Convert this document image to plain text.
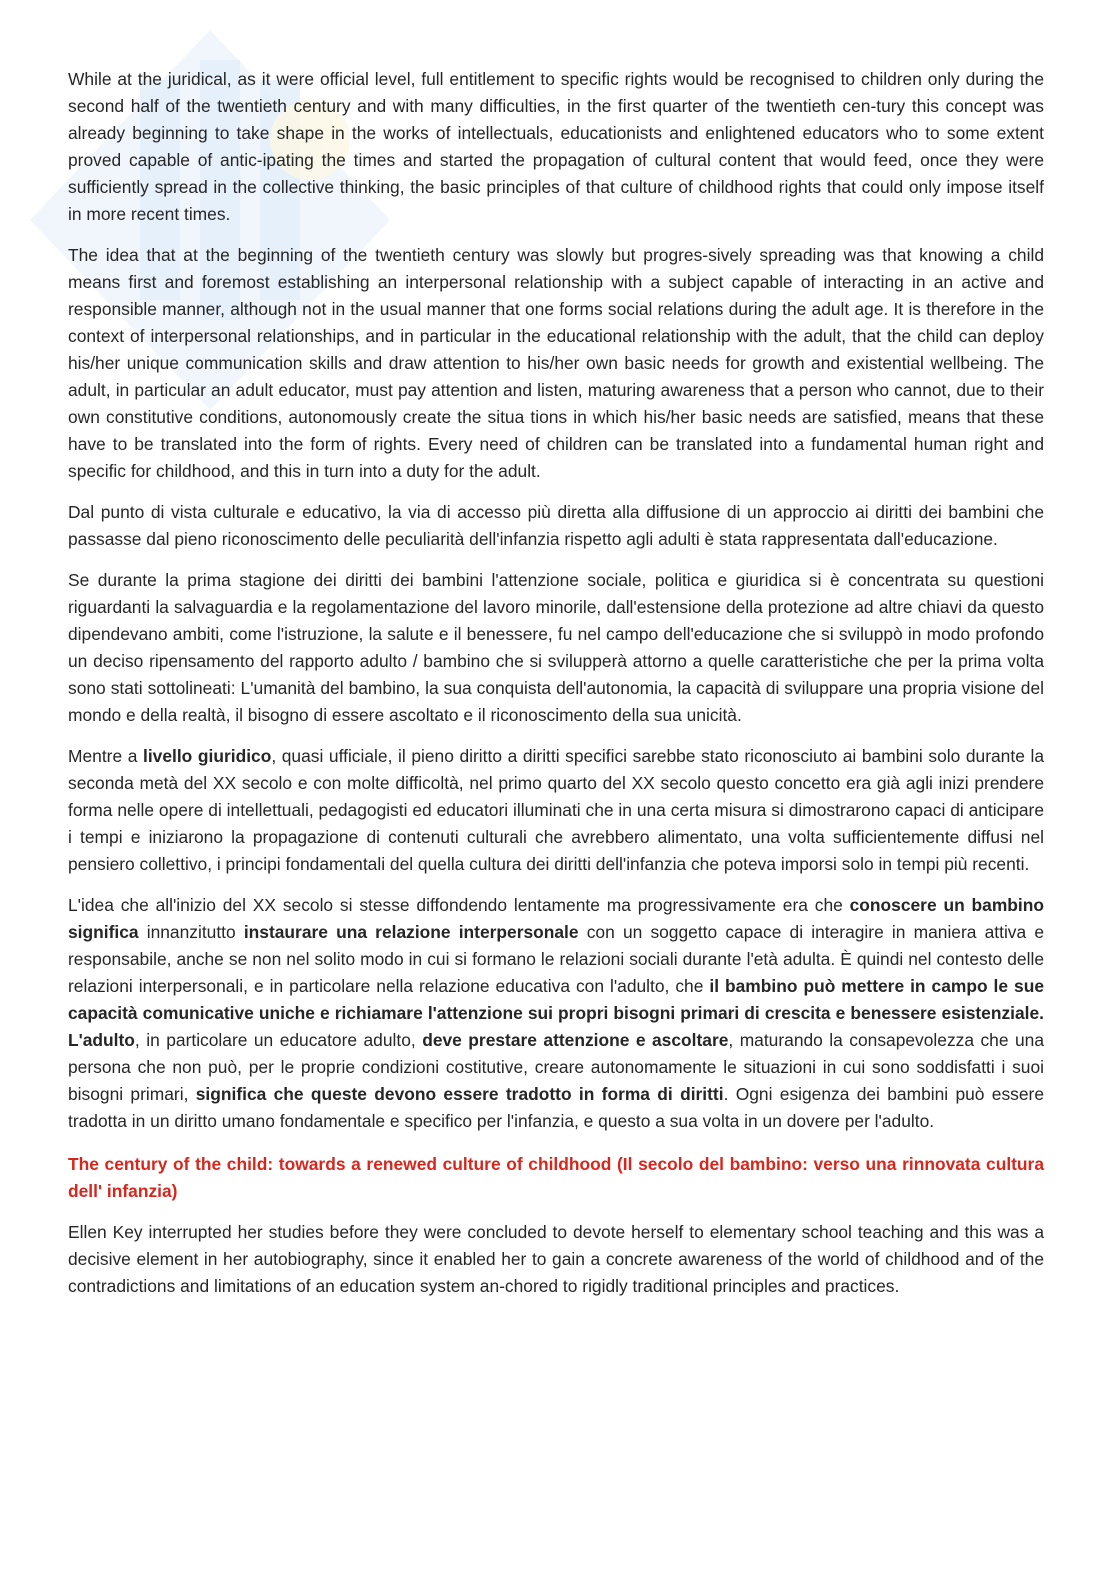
While at the juridical, as it were official level, full entitlement to specific rights would be recognised to children only during the second half of the twentieth century and with many difficulties, in the first quarter of the twentieth cen-tury this concept was already beginning to take shape in the works of intellectuals, educationists and enlightened educators who to some extent proved capable of antic-ipating the times and started the propagation of cultural content that would feed, once they were sufficiently spread in the collective thinking, the basic principles of that culture of childhood rights that could only impose itself in more recent times.

The idea that at the beginning of the twentieth century was slowly but progres-sively spreading was that knowing a child means first and foremost establishing an interpersonal relationship with a subject capable of interacting in an active and responsible manner, although not in the usual manner that one forms social relations during the adult age. It is therefore in the context of interpersonal relationships, and in particular in the educational relationship with the adult, that the child can deploy his/her unique communication skills and draw attention to his/her own basic needs for growth and existential wellbeing. The adult, in particular an adult educator, must pay attention and listen, maturing awareness that a person who cannot, due to their own constitutive conditions, autonomously create the situa tions in which his/her basic needs are satisfied, means that these have to be translated into the form of rights. Every need of children can be translated into a fundamental human right and specific for childhood, and this in turn into a duty for the adult.

Dal punto di vista culturale e educativo, la via di accesso più diretta alla diffusione di un approccio ai diritti dei bambini che passasse dal pieno riconoscimento delle peculiarità dell'infanzia rispetto agli adulti è stata rappresentata dall'educazione.

Se durante la prima stagione dei diritti dei bambini l'attenzione sociale, politica e giuridica si è concentrata su questioni riguardanti la salvaguardia e la regolamentazione del lavoro minorile, dall'estensione della protezione ad altre chiavi da questo dipendevano ambiti, come l'istruzione, la salute e il benessere, fu nel campo dell'educazione che si sviluppò in modo profondo un deciso ripensamento del rapporto adulto / bambino che si svilupperà attorno a quelle caratteristiche che per la prima volta sono stati sottolineati: L'umanità del bambino, la sua conquista dell'autonomia, la capacità di sviluppare una propria visione del mondo e della realtà, il bisogno di essere ascoltato e il riconoscimento della sua unicità.

Mentre a livello giuridico, quasi ufficiale, il pieno diritto a diritti specifici sarebbe stato riconosciuto ai bambini solo durante la seconda metà del XX secolo e con molte difficoltà, nel primo quarto del XX secolo questo concetto era già agli inizi prendere forma nelle opere di intellettuali, pedagogisti ed educatori illuminati che in una certa misura si dimostrarono capaci di anticipare i tempi e iniziarono la propagazione di contenuti culturali che avrebbero alimentato, una volta sufficientemente diffusi nel pensiero collettivo, i principi fondamentali del quella cultura dei diritti dell'infanzia che poteva imporsi solo in tempi più recenti.

L'idea che all'inizio del XX secolo si stesse diffondendo lentamente ma progressivamente era che conoscere un bambino significa innanzitutto instaurare una relazione interpersonale con un soggetto capace di interagire in maniera attiva e responsabile, anche se non nel solito modo in cui si formano le relazioni sociali durante l'età adulta. È quindi nel contesto delle relazioni interpersonali, e in particolare nella relazione educativa con l'adulto, che il bambino può mettere in campo le sue capacità comunicative uniche e richiamare l'attenzione sui propri bisogni primari di crescita e benessere esistenziale. L'adulto, in particolare un educatore adulto, deve prestare attenzione e ascoltare, maturando la consapevolezza che una persona che non può, per le proprie condizioni costitutive, creare autonomamente le situazioni in cui sono soddisfatti i suoi bisogni primari, significa che queste devono essere tradotto in forma di diritti. Ogni esigenza dei bambini può essere tradotta in un diritto umano fondamentale e specifico per l'infanzia, e questo a sua volta in un dovere per l'adulto.

The century of the child: towards a renewed culture of childhood (Il secolo del bambino: verso una rinnovata cultura dell' infanzia)

Ellen Key interrupted her studies before they were concluded to devote herself to elementary school teaching and this was a decisive element in her autobiography, since it enabled her to gain a concrete awareness of the world of childhood and of the contradictions and limitations of an education system an-chored to rigidly traditional principles and practices.
